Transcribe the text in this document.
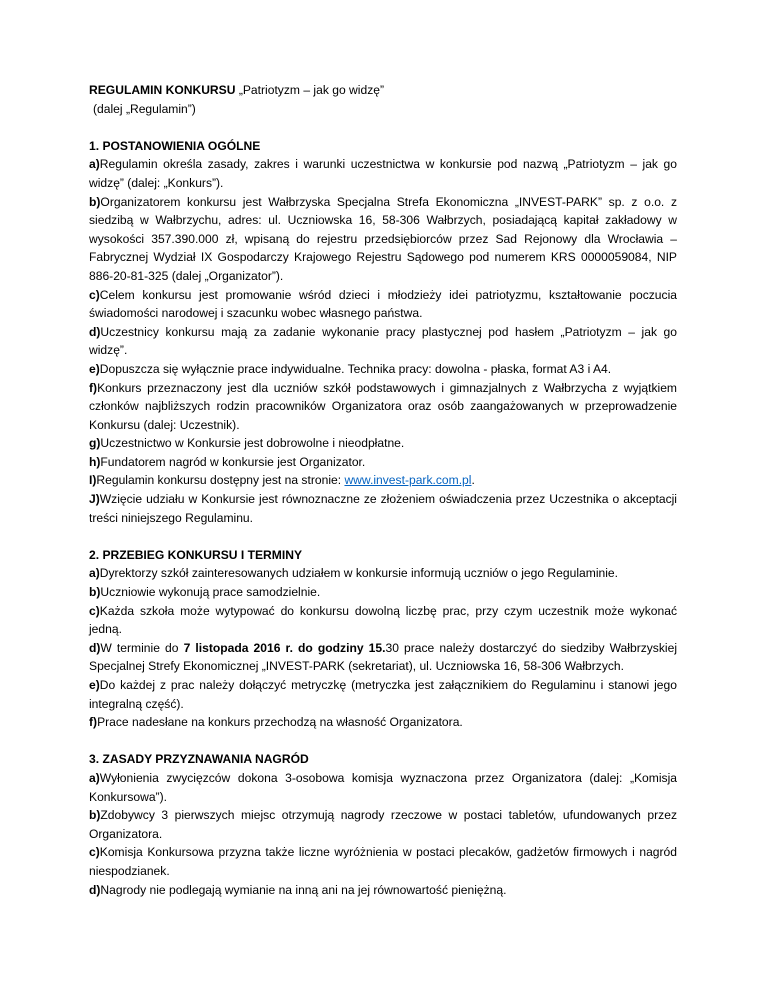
REGULAMIN KONKURSU „Patriotyzm – jak go widzę”

(dalej „Regulamin”)

1. POSTANOWIENIA OGÓLNE

a)Regulamin określa zasady, zakres i warunki uczestnictwa w konkursie pod nazwą „Patriotyzm – jak go widzę” (dalej: „Konkurs”).

b)Organizatorem konkursu jest Wałbrzyska Specjalna Strefa Ekonomiczna „INVEST-PARK” sp. z o.o. z siedzibą w Wałbrzychu, adres: ul. Uczniowska 16, 58-306 Wałbrzych, posiadającą kapitał zakładowy w wysokości 357.390.000 zł, wpisaną do rejestru przedsiębiorców przez Sad Rejonowy dla Wrocławia – Fabrycznej Wydział IX Gospodarczy Krajowego Rejestru Sądowego pod numerem KRS 0000059084, NIP 886-20-81-325 (dalej „Organizator”).

c)Celem konkursu jest promowanie wśród dzieci i młodzieży idei patriotyzmu, kształtowanie poczucia świadomości narodowej i szacunku wobec własnego państwa.

d)Uczestnicy konkursu mają za zadanie wykonanie pracy plastycznej pod hasłem „Patriotyzm – jak go widzę”.

e)Dopuszcza się wyłącznie prace indywidualne. Technika pracy: dowolna - płaska, format A3 i A4.

f)Konkurs przeznaczony jest dla uczniów szkół podstawowych i gimnazjalnych z Wałbrzycha z wyjątkiem członków najbliższych rodzin pracowników Organizatora oraz osób zaangażowanych w przeprowadzenie Konkursu (dalej: Uczestnik).

g)Uczestnictwo w Konkursie jest dobrowolne i nieodpłatne.

h)Fundatorem nagród w konkursie jest Organizator.

I)Regulamin konkursu dostępny jest na stronie: www.invest-park.com.pl.

J)Wzięcie udziału w Konkursie jest równoznaczne ze złożeniem oświadczenia przez Uczestnika o akceptacji treści niniejszego Regulaminu.

2. PRZEBIEG KONKURSU I TERMINY

a)Dyrektorzy szkół zainteresowanych udziałem w konkursie informują uczniów o jego Regulaminie.

b)Uczniowie wykonują prace samodzielnie.

c)Każda szkoła może wytypować do konkursu dowolną liczbę prac, przy czym uczestnik może wykonać jedną.

d)W terminie do 7 listopada 2016 r. do godziny 15.30 prace należy dostarczyć do siedziby Wałbrzyskiej Specjalnej Strefy Ekonomicznej „INVEST-PARK (sekretariat), ul. Uczniowska 16, 58-306 Wałbrzych.

e)Do każdej z prac należy dołączyć metryczkę (metryczka jest załącznikiem do Regulaminu i stanowi jego integralną część).

f)Prace nadesłane na konkurs przechodzą na własność Organizatora.

3. ZASADY PRZYZNAWANIA NAGRÓD

a)Wyłonienia zwycięzców dokona 3-osobowa komisja wyznaczona przez Organizatora (dalej: „Komisja Konkursowa”).

b)Zdobywcy 3 pierwszych miejsc otrzymują nagrody rzeczowe w postaci tabletów, ufundowanych przez Organizatora.

c)Komisja Konkursowa przyzna także liczne wyróżnienia w postaci plecaków, gadżetów firmowych i nagród niespodzianek.

d)Nagrody nie podlegają wymianie na inną ani na jej równowartość pieniężną.
